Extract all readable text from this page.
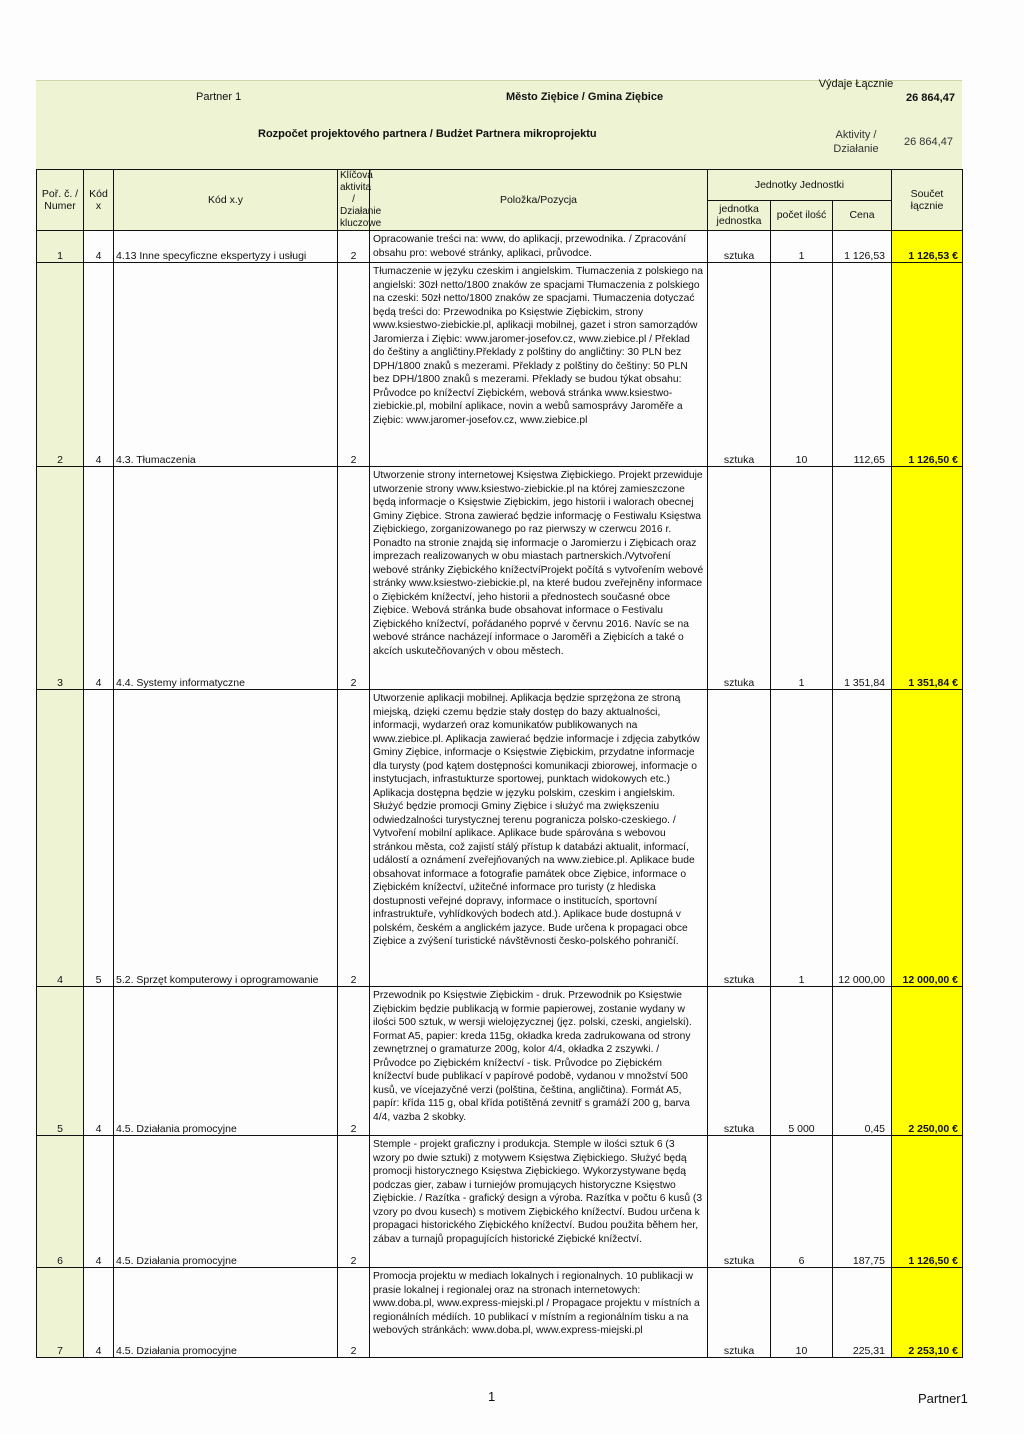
Partner 1	Město Ziębice / Gmina Ziębice
Rozpočet projektového partnera / Budżet Partnera mikroprojektu
Výdaje Łącznie
26 864,47
Aktivity / Działanie
26 864,47
Poř. č. / Numer	Kód x	Kód x.y	Klíčová aktivita / Działanie kluczowe	Položka/Pozycja	Jednotky Jednostki			Součet łącznie
					jednotka jednostka	počet ilość	Cena	
1	4	4.13 Inne specyficzne ekspertyzy i usługi	2	Opracowanie treści na: www, do aplikacji, przewodnika. / Zpracování obsahu pro: webové stránky, aplikaci, průvodce.	sztuka	1	1 126,53	1 126,53 €
2	4	4.3. Tłumaczenia	2	Tłumaczenie w języku czeskim i angielskim. Tłumaczenia z polskiego na angielski: 30zł netto/1800 znaków ze spacjami Tłumaczenia z polskiego na czeski: 50zł netto/1800 znaków ze spacjami. Tłumaczenia dotyczać będą treści do: Przewodnika po Księstwie Ziębickim, strony www.ksiestwo-ziebickie.pl, aplikacji mobilnej, gazet i stron samorządów Jaromierza i Ziębic: www.jaromer-josefov.cz, www.ziebice.pl / Překlad do češtiny a angličtiny.Překlady z polštiny do angličtiny: 30 PLN bez DPH/1800 znaků s mezerami. Překlady z polštiny do češtiny: 50 PLN bez DPH/1800 znaků s mezerami. Překlady se budou týkat obsahu: Průvodce po knížectví Ziębickém, webová stránka www.ksiestwo-ziebickie.pl, mobilní aplikace, novin a webů samosprávy Jaroměře a Ziębic: www.jaromer-josefov.cz, www.ziebice.pl	sztuka	10	112,65	1 126,50 €
3	4	4.4. Systemy informatyczne	2	Utworzenie strony internetowej Księstwa Ziębickiego. Projekt przewiduje utworzenie strony www.ksiestwo-ziebickie.pl na której zamieszczone będą informacje o Księstwie Ziębickim, jego historii i walorach obecnej Gminy Ziębice. Strona zawierać będzie informację o Festiwalu Księstwa Ziębickiego, zorganizowanego po raz pierwszy w czerwcu 2016 r. Ponadto na stronie znajdą się informacje o Jaromierzu i Ziębicach oraz imprezach realizowanych w obu miastach partnerskich./Vytvoření webové stránky Ziębického knížectvíProjekt počítá s vytvořením webové stránky www.ksiestwo-ziebickie.pl, na které budou zveřejněny informace o Ziębickém knížectví, jeho historii a přednostech současné obce Ziębice. Webová stránka bude obsahovat informace o Festivalu Ziębického knížectví, pořádaného poprvé v červnu 2016. Navíc se na webové stránce nacházejí informace o Jaroměři a Ziębicích a také o akcích uskutečňovaných v obou městech.	sztuka	1	1 351,84	1 351,84 €
4	5	5.2. Sprzęt komputerowy i oprogramowanie	2	Utworzenie aplikacji mobilnej. Aplikacja będzie sprzężona ze stroną miejską, dzięki czemu będzie stały dostęp do bazy aktualności, informacji, wydarzeń oraz komunikatów publikowanych na www.ziebice.pl. Aplikacja zawierać będzie informacje i zdjęcia zabytków Gminy Ziębice, informacje o Księstwie Ziębickim, przydatne informacje dla turysty (pod kątem dostępności komunikacji zbiorowej, informacje o instytucjach, infrastukturze sportowej, punktach widokowych etc.) Aplikacja dostępna będzie w języku polskim, czeskim i angielskim. Służyć będzie promocji Gminy Ziębice i służyć ma zwiększeniu odwiedzalności turystycznej terenu pogranicza polsko-czeskiego. / Vytvoření mobilní aplikace. Aplikace bude spárována s webovou stránkou města, což zajistí stálý přístup k databázi aktualit, informací, událostí a oznámení zveřejňovaných na www.ziebice.pl. Aplikace bude obsahovat informace a fotografie památek obce Ziębice, informace o Ziębickém knížectví, užitečné informace pro turisty (z hlediska dostupnosti veřejné dopravy, informace o institucích, sportovní infrastruktuře, vyhlídkových bodech atd.). Aplikace bude dostupná v polském, českém a anglickém jazyce. Bude určena k propagaci obce Ziębice a zvýšení turistické návštěvnosti česko-polského pohraničí.	sztuka	1	12 000,00	12 000,00 €
5	4	4.5. Działania promocyjne	2	Przewodnik po Księstwie Ziębickim - druk. Przewodnik po Księstwie Ziębickim będzie publikacją w formie papierowej, zostanie wydany w ilości 500 sztuk, w wersji wielojęzycznej (jęz. polski, czeski, angielski). Format A5, papier: kreda 115g, okładka kreda zadrukowana od strony zewnętrznej o gramaturze 200g, kolor 4/4, okładka 2 zszywki. / Průvodce po Ziębickém knížectví - tisk. Průvodce po Ziębickém knížectví bude publikací v papírové podobě, vydanou v množství 500 kusů, ve vícejazyčné verzi (polština, čeština, angličtina). Formát A5, papír: křída 115 g, obal křída potištěná zevnitř s gramáží 200 g, barva 4/4, vazba 2 skobky.	sztuka	5 000	0,45	2 250,00 €
6	4	4.5. Działania promocyjne	2	Stemple - projekt graficzny i produkcja. Stemple w ilości sztuk 6 (3 wzory po dwie sztuki) z motywem Księstwa Ziębickiego. Służyć będą promocji historycznego Księstwa Ziębickiego. Wykorzystywane będą podczas gier, zabaw i turniejów promujących historyczne Księstwo Ziębickie. / Razítka - grafický design a výroba. Razítka v počtu 6 kusů (3 vzory po dvou kusech) s motivem Ziębického knížectví. Budou určena k propagaci historického Ziębického knížectví. Budou použita během her, zábav a turnajů propagujících historické Ziębické knížectví.	sztuka	6	187,75	1 126,50 €
7	4	4.5. Działania promocyjne	2	Promocja projektu w mediach lokalnych i regionalnych. 10 publikacji w prasie lokalnej i regionalej oraz na stronach internetowych: www.doba.pl, www.express-miejski.pl / Propagace projektu v místních a regionálních médiích. 10 publikací v místním a regionálním tisku a na webových stránkách: www.doba.pl, www.express-miejski.pl	sztuka	10	225,31	2 253,10 €
1	Partner1
